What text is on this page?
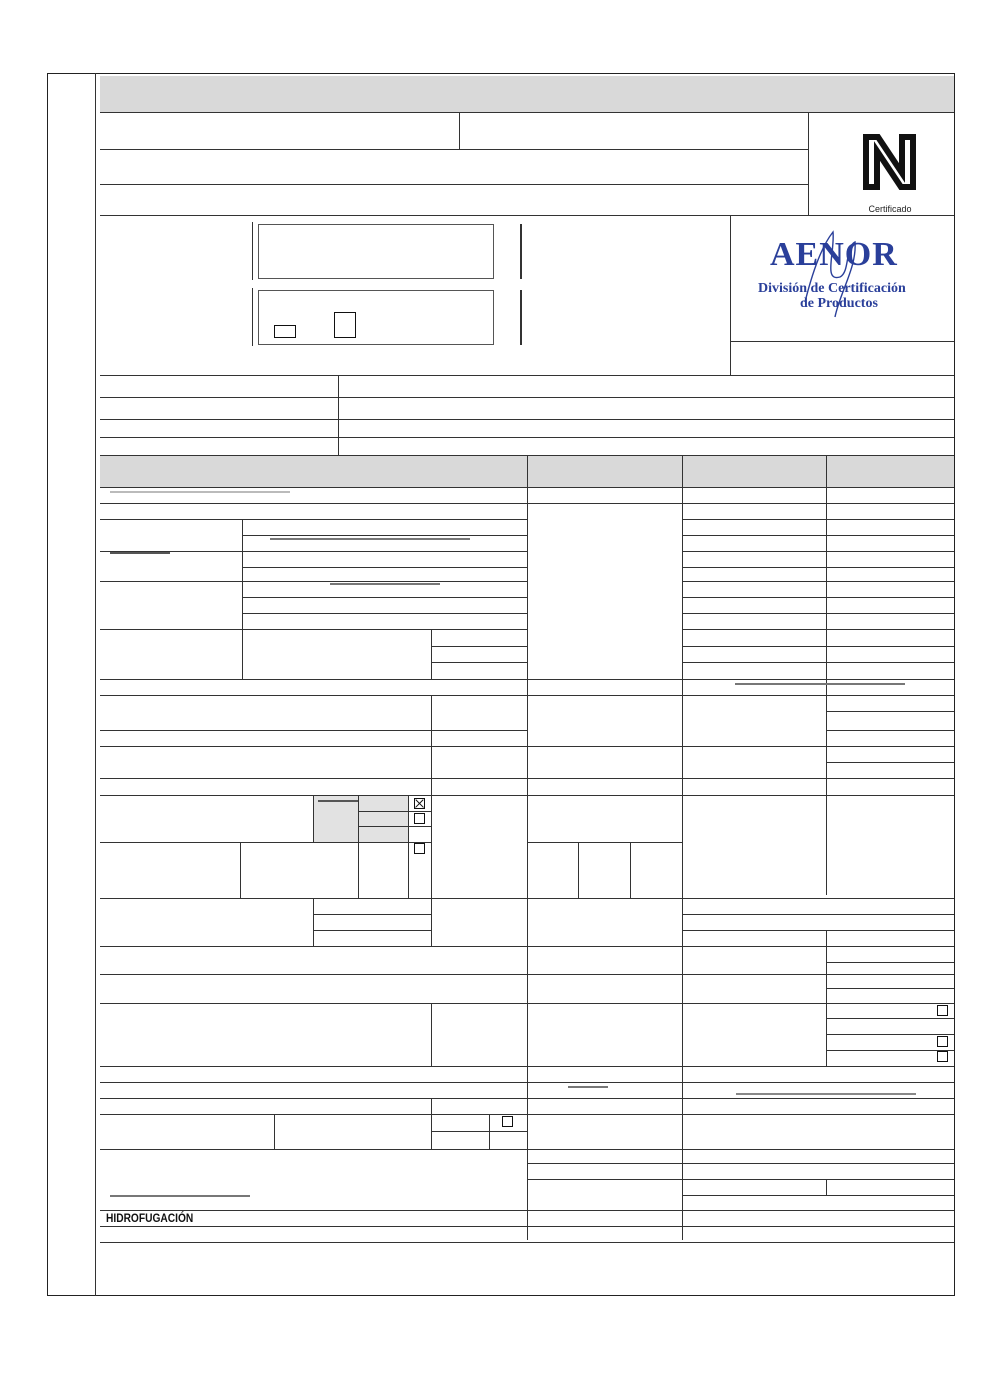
Certificado
AENOR
División de Certificación
de Productos
HIDROFUGACIÓN
